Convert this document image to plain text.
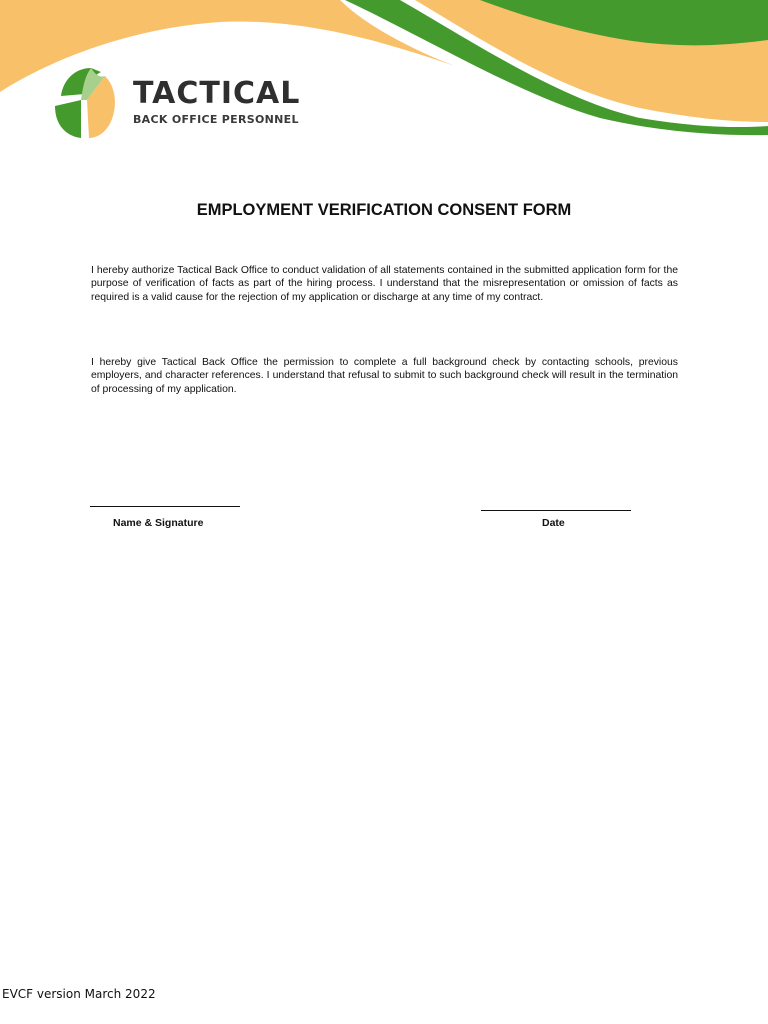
TACTICAL
BACK OFFICE PERSONNEL
EMPLOYMENT VERIFICATION CONSENT FORM
I hereby authorize Tactical Back Office to conduct validation of all statements contained in the submitted application form for the purpose of verification of facts as part of the hiring process. I understand that the misrepresentation or omission of facts as required is a valid cause for the rejection of my application or discharge at any time of my contract.
I hereby give Tactical Back Office the permission to complete a full background check by contacting schools, previous employers, and character references. I understand that refusal to submit to such background check will result in the termination of processing of my application.
Name & Signature	Date
EVCF version March 2022
